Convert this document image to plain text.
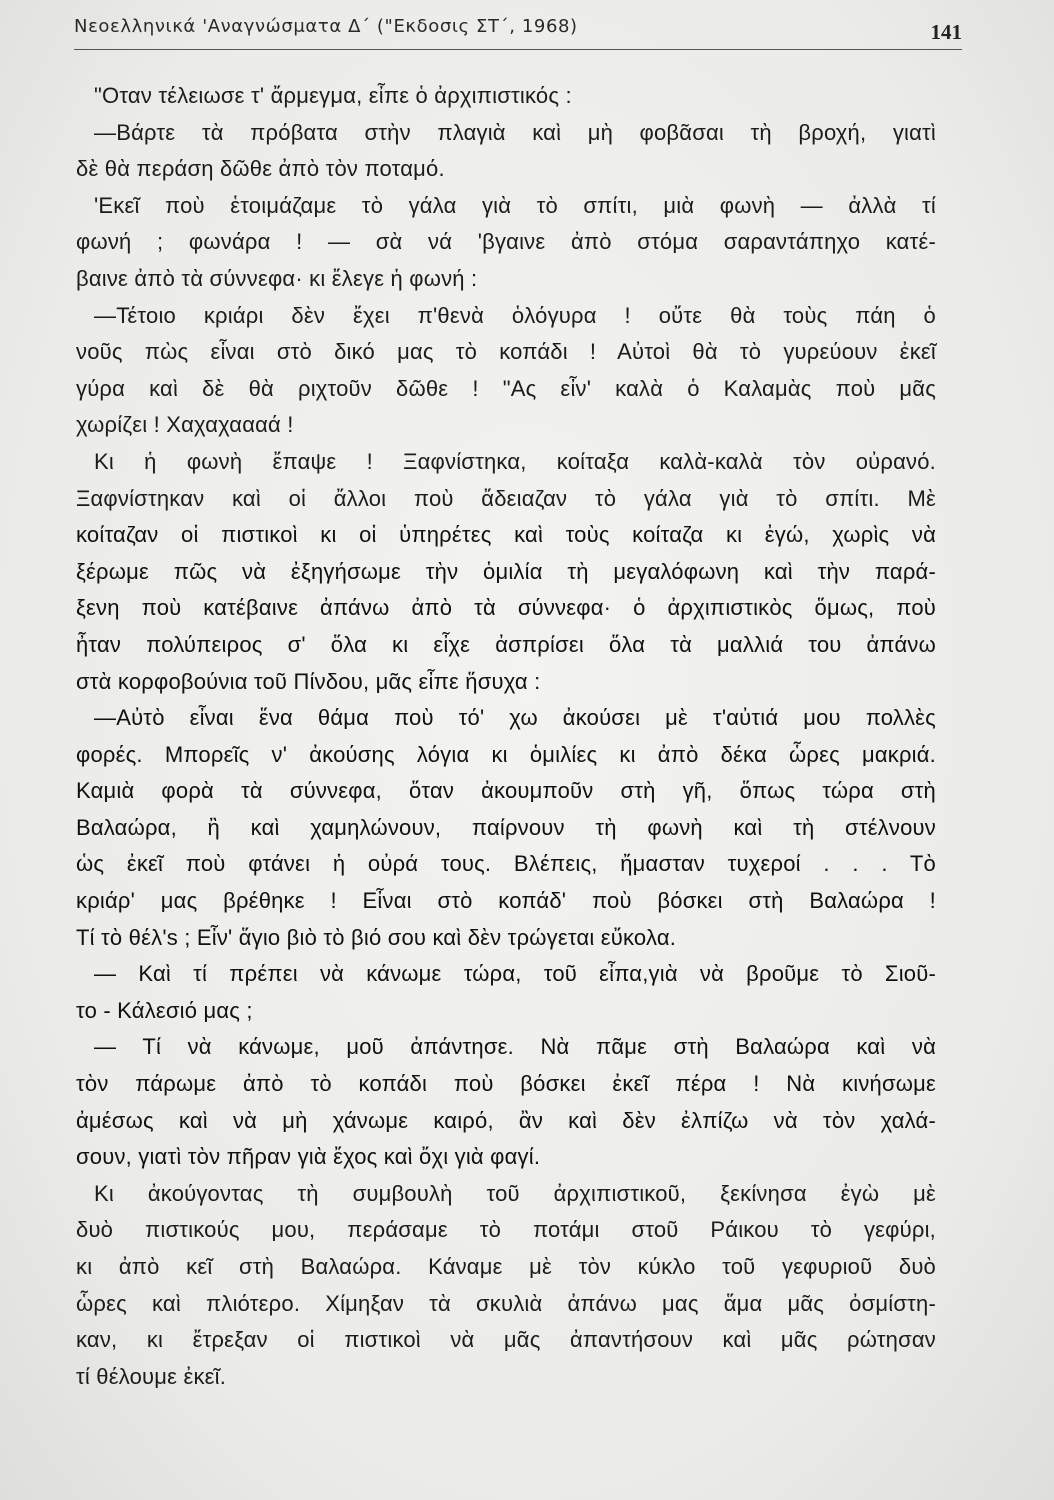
Νεοελληνικά 'Αναγνώσματα Δ΄ ("Εκδοσις ΣΤ΄, 1968)	141
"Οταν τέλειωσε τ' ἄρμεγμα, εἶπε ὁ ἀρχιπιστικός :
—Βάρτε τὰ πρόβατα στὴν πλαγιὰ καὶ μὴ φοβᾶσαι τὴ βροχή, γιατὶ
δὲ θὰ περάση δῶθε ἀπὸ τὸν ποταμό.
'Εκεῖ ποὺ ἑτοιμάζαμε τὸ γάλα γιὰ τὸ σπίτι, μιὰ φωνὴ — ἀλλὰ τί
φωνή ; φωνάρα ! — σὰ νά 'βγαινε ἀπὸ στόμα σαραντάπηχο κατέ-
βαινε ἀπὸ τὰ σύννεφα· κι ἔλεγε ἡ φωνή :
—Τέτοιο κριάρι δὲν ἔχει π'θενὰ ὁλόγυρα ! οὔτε θὰ τοὺς πάη ὁ
νοῦς πὼς εἶναι στὸ δικό μας τὸ κοπάδι ! Αὐτοὶ θὰ τὸ γυρεύουν ἐκεῖ
γύρα καὶ δὲ θὰ ριχτοῦν δῶθε ! "Ας εἶν' καλὰ ὁ Καλαμὰς ποὺ μᾶς
χωρίζει ! Χαχαχαααά !
Κι ἡ φωνὴ ἔπαψε ! Ξαφνίστηκα, κοίταξα καλὰ-καλὰ τὸν οὐρανό.
Ξαφνίστηκαν καὶ οἱ ἄλλοι ποὺ ἄδειαζαν τὸ γάλα γιὰ τὸ σπίτι. Μὲ
κοίταζαν οἱ πιστικοὶ κι οἱ ὑπηρέτες καὶ τοὺς κοίταζα κι ἐγώ, χωρὶς νὰ
ξέρωμε πῶς νὰ ἐξηγήσωμε τὴν ὁμιλία τὴ μεγαλόφωνη καὶ τὴν παρά-
ξενη ποὺ κατέβαινε ἀπάνω ἀπὸ τὰ σύννεφα· ὁ ἀρχιπιστικὸς ὅμως, ποὺ
ἦταν πολύπειρος σ' ὅλα κι εἶχε ἀσπρίσει ὅλα τὰ μαλλιά του ἀπάνω
στὰ κορφοβούνια τοῦ Πίνδου, μᾶς εἶπε ἥσυχα :
—Αὐτὸ εἶναι ἕνα θάμα ποὺ τό' χω ἀκούσει μὲ τ'αὐτιά μου πολλὲς
φορές. Μπορεῖς ν' ἀκούσης λόγια κι ὁμιλίες κι ἀπὸ δέκα ὧρες μακριά.
Καμιὰ φορὰ τὰ σύννεφα, ὅταν ἀκουμποῦν στὴ γῆ, ὅπως τώρα στὴ
Βαλαώρα, ἢ καὶ χαμηλώνουν, παίρνουν τὴ φωνὴ καὶ τὴ στέλνουν
ὡς ἐκεῖ ποὺ φτάνει ἡ οὐρά τους. Βλέπεις, ἤμασταν τυχεροί . . . Τὸ
κριάρ' μας βρέθηκε ! Εἶναι στὸ κοπάδ' ποὺ βόσκει στὴ Βαλαώρα !
Τί τὸ θέλ's ; Εἶν' ἅγιο βιὸ τὸ βιό σου καὶ δὲν τρώγεται εὔκολα.
— Καὶ τί πρέπει νὰ κάνωμε τώρα, τοῦ εἶπα,γιὰ νὰ βροῦμε τὸ Σιοῦ-
το - Κάλεσιό μας ;
— Τί νὰ κάνωμε, μοῦ ἀπάντησε. Νὰ πᾶμε στὴ Βαλαώρα καὶ νὰ
τὸν πάρωμε ἀπὸ τὸ κοπάδι ποὺ βόσκει ἐκεῖ πέρα ! Νὰ κινήσωμε
ἀμέσως καὶ νὰ μὴ χάνωμε καιρό, ἂν καὶ δὲν ἐλπίζω νὰ τὸν χαλά-
σουν, γιατὶ τὸν πῆραν γιὰ ἔχος καὶ ὄχι γιὰ φαγί.
Κι ἀκούγοντας τὴ συμβουλὴ τοῦ ἀρχιπιστικοῦ, ξεκίνησα ἐγὼ μὲ
δυὸ πιστικούς μου, περάσαμε τὸ ποτάμι στοῦ Ράικου τὸ γεφύρι,
κι ἀπὸ κεῖ στὴ Βαλαώρα. Κάναμε μὲ τὸν κύκλο τοῦ γεφυριοῦ δυὸ
ὧρες καὶ πλιότερο. Χίμηξαν τὰ σκυλιὰ ἀπάνω μας ἅμα μᾶς ὀσμίστη-
καν, κι ἔτρεξαν οἱ πιστικοὶ νὰ μᾶς ἀπαντήσουν καὶ μᾶς ρώτησαν
τί θέλουμε ἐκεῖ.
